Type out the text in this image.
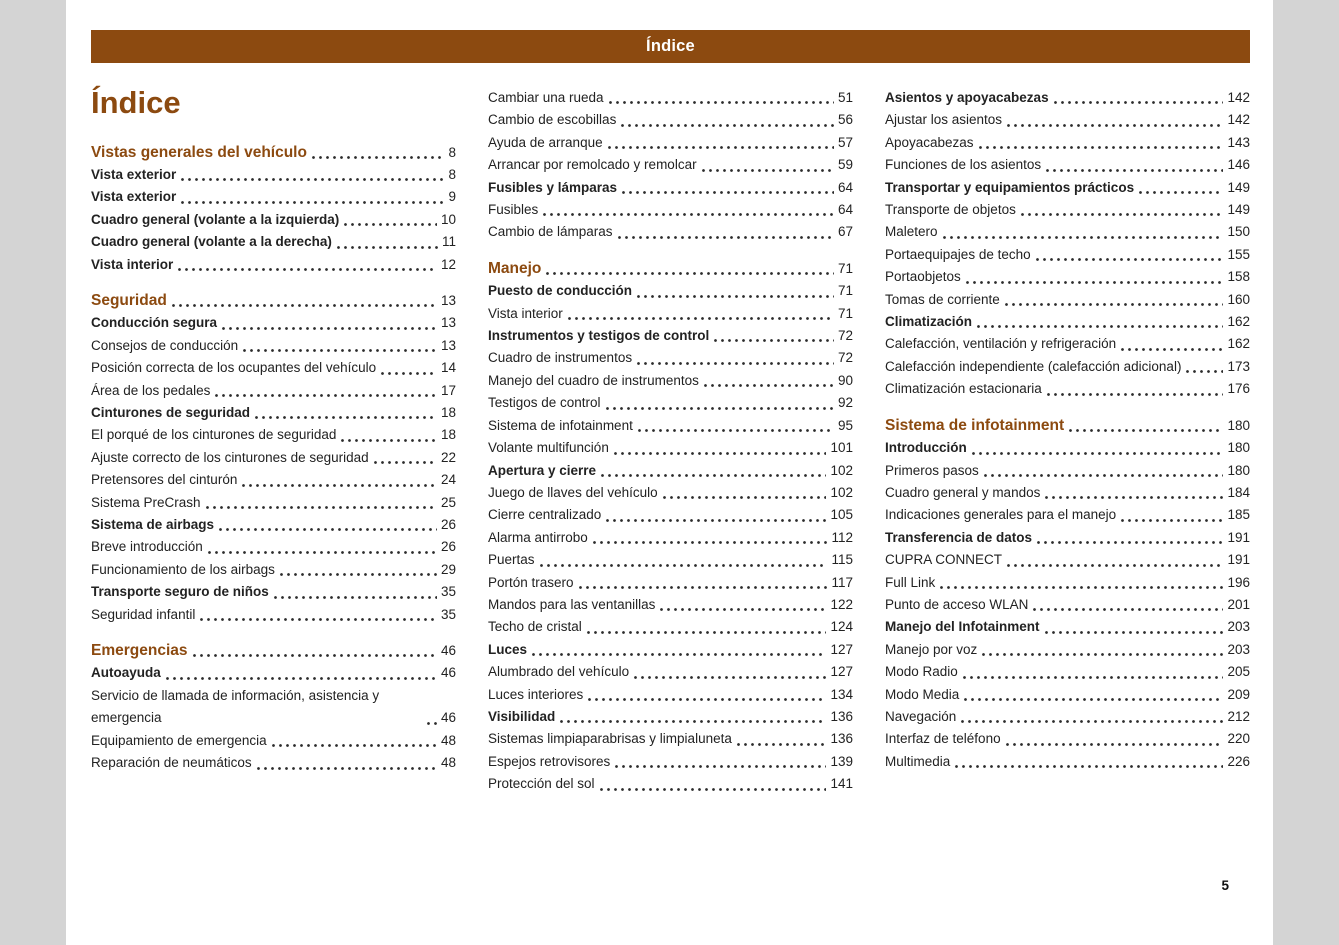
Índice
Índice
Vistas generales del vehículo	8
Vista exterior	8
Vista exterior	9
Cuadro general (volante a la izquierda)	10
Cuadro general (volante a la derecha)	11
Vista interior	12
Seguridad	13
Conducción segura	13
Consejos de conducción	13
Posición correcta de los ocupantes del vehículo	14
Área de los pedales	17
Cinturones de seguridad	18
El porqué de los cinturones de seguridad	18
Ajuste correcto de los cinturones de seguridad	22
Pretensores del cinturón	24
Sistema PreCrash	25
Sistema de airbags	26
Breve introducción	26
Funcionamiento de los airbags	29
Transporte seguro de niños	35
Seguridad infantil	35
Emergencias	46
Autoayuda	46
Servicio de llamada de información, asistencia y emergencia	46
Equipamiento de emergencia	48
Reparación de neumáticos	48
Cambiar una rueda	51
Cambio de escobillas	56
Ayuda de arranque	57
Arrancar por remolcado y remolcar	59
Fusibles y lámparas	64
Fusibles	64
Cambio de lámparas	67
Manejo	71
Puesto de conducción	71
Vista interior	71
Instrumentos y testigos de control	72
Cuadro de instrumentos	72
Manejo del cuadro de instrumentos	90
Testigos de control	92
Sistema de infotainment	95
Volante multifunción	101
Apertura y cierre	102
Juego de llaves del vehículo	102
Cierre centralizado	105
Alarma antirrobo	112
Puertas	115
Portón trasero	117
Mandos para las ventanillas	122
Techo de cristal	124
Luces	127
Alumbrado del vehículo	127
Luces interiores	134
Visibilidad	136
Sistemas limpiaparabrisas y limpialuneta	136
Espejos retrovisores	139
Protección del sol	141
Asientos y apoyacabezas	142
Ajustar los asientos	142
Apoyacabezas	143
Funciones de los asientos	146
Transportar y equipamientos prácticos	149
Transporte de objetos	149
Maletero	150
Portaequipajes de techo	155
Portaobjetos	158
Tomas de corriente	160
Climatización	162
Calefacción, ventilación y refrigeración	162
Calefacción independiente (calefacción adicional)	173
Climatización estacionaria	176
Sistema de infotainment	180
Introducción	180
Primeros pasos	180
Cuadro general y mandos	184
Indicaciones generales para el manejo	185
Transferencia de datos	191
CUPRA CONNECT	191
Full Link	196
Punto de acceso WLAN	201
Manejo del Infotainment	203
Manejo por voz	203
Modo Radio	205
Modo Media	209
Navegación	212
Interfaz de teléfono	220
Multimedia	226
5
